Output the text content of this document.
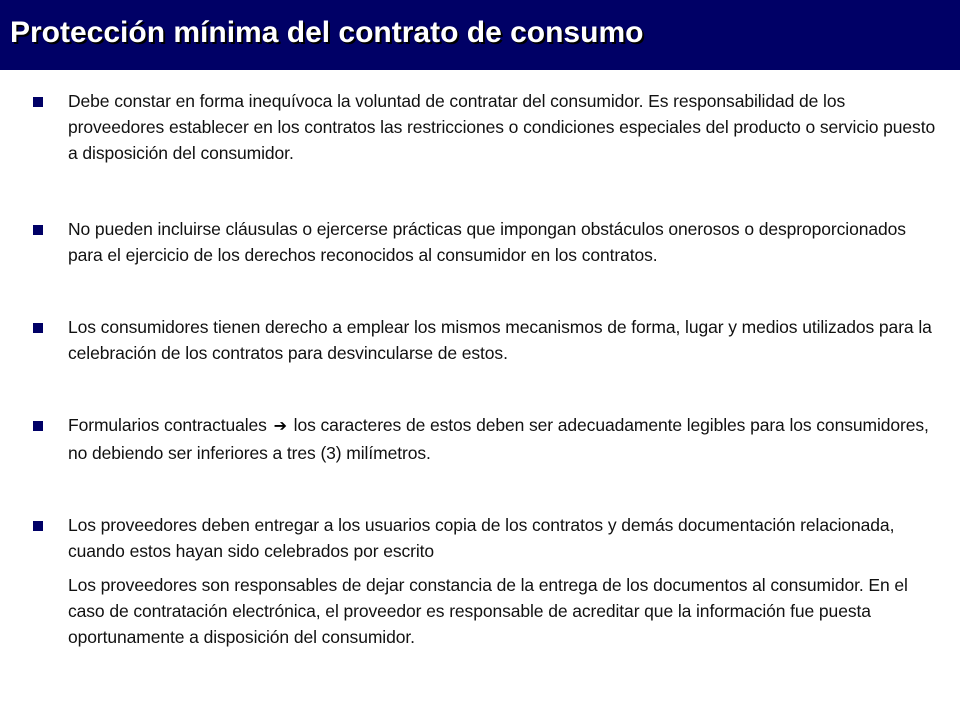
Protección mínima del contrato de consumo

Debe constar en forma inequívoca la voluntad de contratar del consumidor. Es responsabilidad de los proveedores establecer en los contratos las restricciones o condiciones especiales del producto o servicio puesto a disposición del consumidor.

No pueden incluirse cláusulas o ejercerse prácticas que impongan obstáculos onerosos o desproporcionados para el ejercicio de los derechos reconocidos al consumidor en los contratos.

Los consumidores tienen derecho a emplear los mismos mecanismos de forma, lugar y medios utilizados para la celebración de los contratos para desvincularse de estos.

Formularios contractuales ➔ los caracteres de estos deben ser adecuadamente legibles para los consumidores, no debiendo ser inferiores a tres (3) milímetros.

Los proveedores deben entregar a los usuarios copia de los contratos y demás documentación relacionada, cuando estos hayan sido celebrados por escrito

Los proveedores son responsables de dejar constancia de la entrega de los documentos al consumidor. En el caso de contratación electrónica, el proveedor es responsable de acreditar que la información fue puesta oportunamente a disposición del consumidor.
